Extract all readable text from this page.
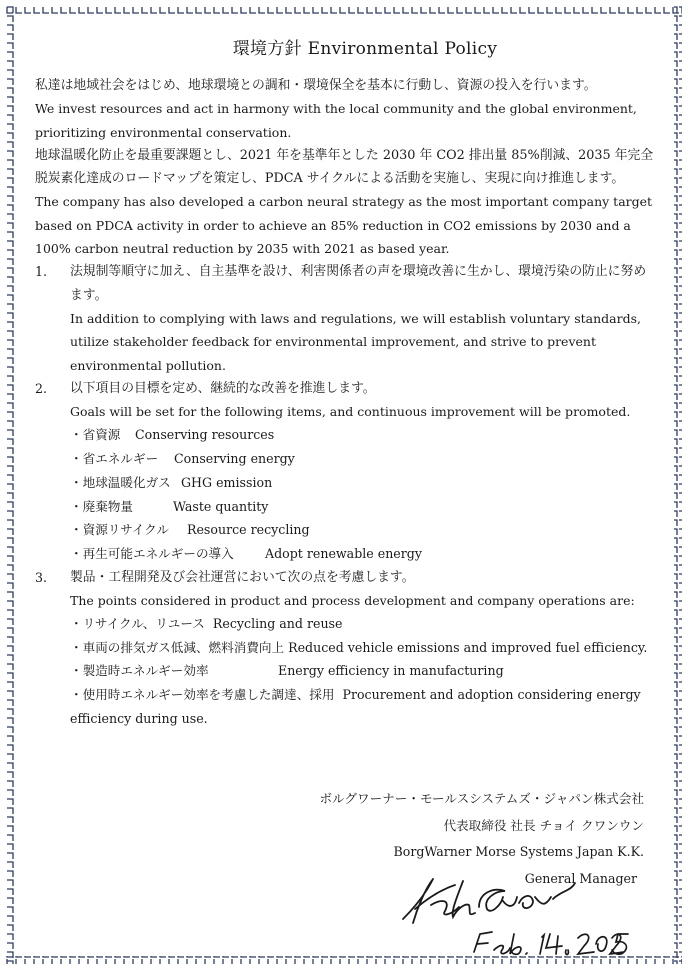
環境方針 Environmental Policy

私達は地域社会をはじめ、地球環境との調和・環境保全を基本に行動し、資源の投入を行います。

We invest resources and act in harmony with the local community and the global environment, prioritizing environmental conservation.

地球温暖化防止を最重要課題とし、2021 年を基準年とした 2030 年 CO2 排出量 85%削減、2035 年完全脱炭素化達成のロードマップを策定し、PDCA サイクルによる活動を実施し、実現に向け推進します。

The company has also developed a carbon neural strategy as the most important company target based on PDCA activity in order to achieve an 85% reduction in CO2 emissions by 2030 and a 100% carbon neutral reduction by 2035 with 2021 as based year.

1. 法規制等順守に加え、自主基準を設け、利害関係者の声を環境改善に生かし、環境汚染の防止に努めます。

In addition to complying with laws and regulations, we will establish voluntary standards, utilize stakeholder feedback for environmental improvement, and strive to prevent environmental pollution.

2. 以下項目の目標を定め、継続的な改善を推進します。

Goals will be set for the following items, and continuous improvement will be promoted.

・省資源	Conserving resources
・省エネルギー	Conserving energy
・地球温暖化ガス GHG emission
・廃棄物量	Waste quantity
・資源リサイクル	Resource recycling
・再生可能エネルギーの導入	Adopt renewable energy
3. 製品・工程開発及び会社運営において次の点を考慮します。

The points considered in product and process development and company operations are:

・リサイクル、リユース Recycling and reuse
・車両の排気ガス低減、燃料消費向上 Reduced vehicle emissions and improved fuel efficiency.
・製造時エネルギー効率	Energy efficiency in manufacturing
・使用時エネルギー効率を考慮した調達、採用 Procurement and adoption considering energy efficiency during use.
ボルグワーナー・モールスシステムズ・ジャパン株式会社
代表取締役 社長 チョイ クワンウン
BorgWarner Morse Systems Japan K.K.
General Manager
